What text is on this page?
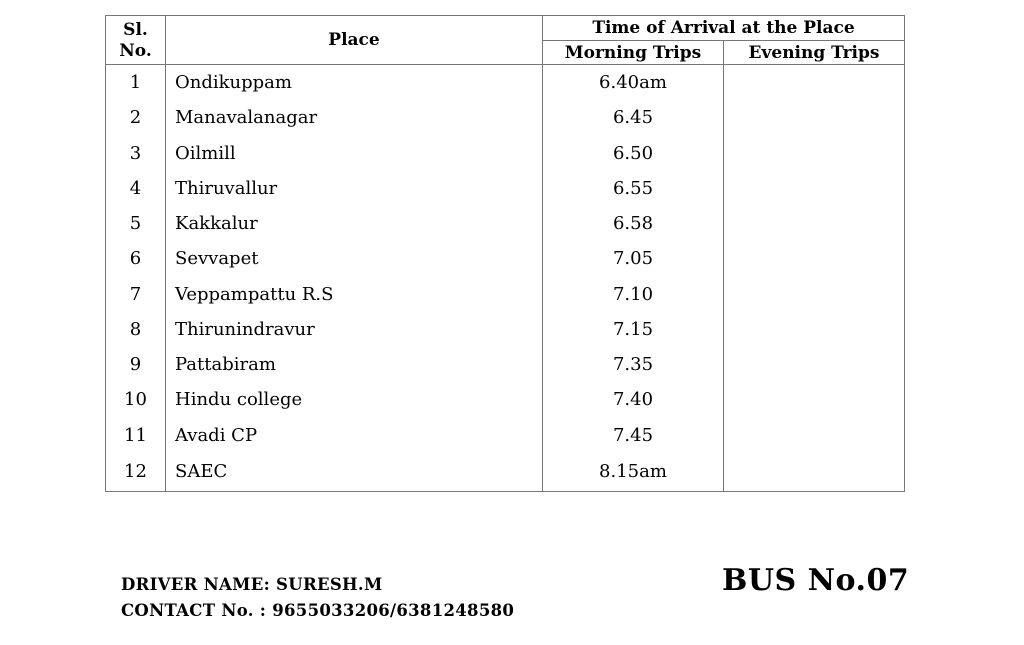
Sl. No.	Place	Time of Arrival at the Place	
		Morning Trips	Evening Trips
1	Ondikuppam	6.40am	
2	Manavalanagar	6.45	
3	Oilmill	6.50	
4	Thiruvallur	6.55	
5	Kakkalur	6.58	
6	Sevvapet	7.05	
7	Veppampattu R.S	7.10	
8	Thirunindravur	7.15	
9	Pattabiram	7.35	
10	Hindu college	7.40	
11	Avadi CP	7.45	
12	SAEC	8.15am	
DRIVER NAME: SURESH.M
CONTACT No. : 9655033206/6381248580
BUS No.07
